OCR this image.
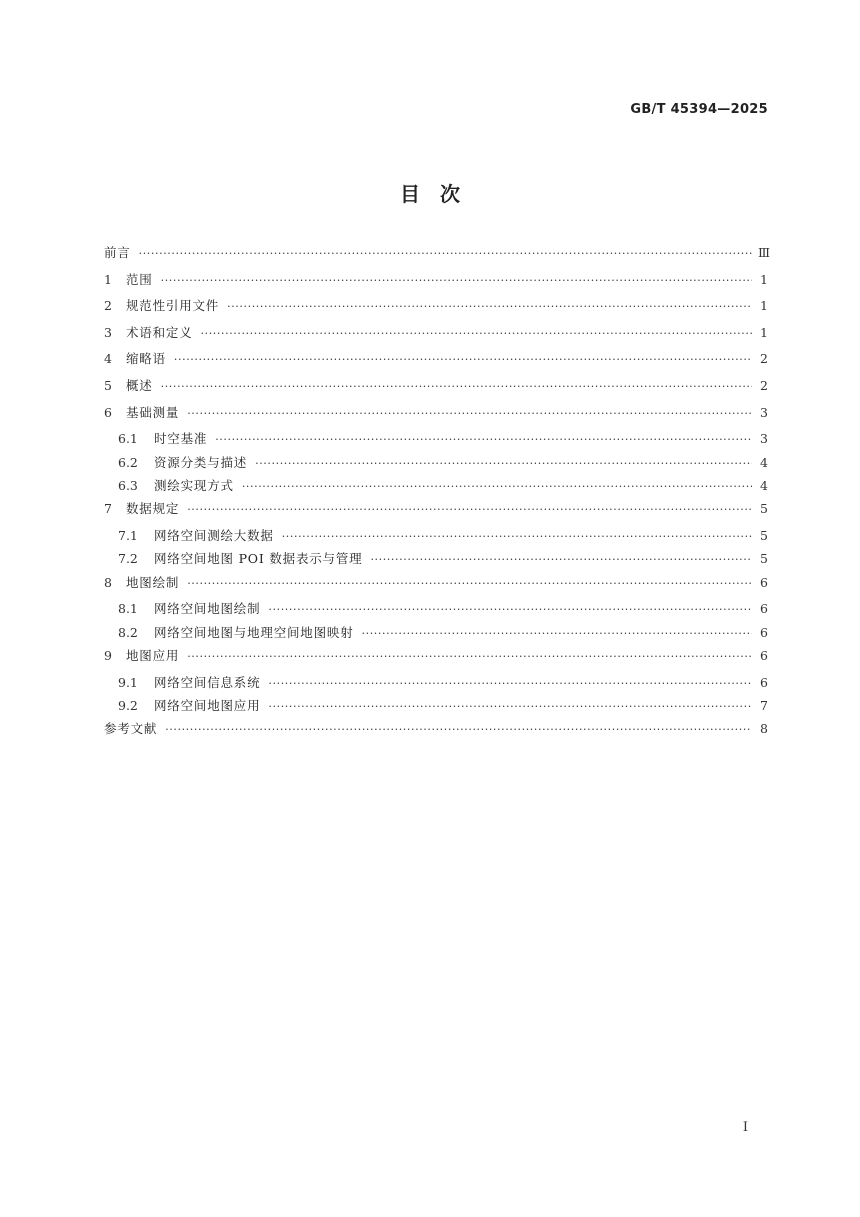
GB/T 45394—2025
目　次
前言 ·····	Ⅲ
1	范围 ·····	1
2	规范性引用文件 ·····	1
3	术语和定义 ·····	1
4	缩略语 ·····	2
5	概述 ·····	2
6	基础测量 ·····	3
6.1	时空基准 ·····	3
6.2	资源分类与描述 ·····	4
6.3	测绘实现方式 ·····	4
7	数据规定 ·····	5
7.1	网络空间测绘大数据 ·····	5
7.2	网络空间地图 POI 数据表示与管理 ·····	5
8	地图绘制 ·····	6
8.1	网络空间地图绘制 ·····	6
8.2	网络空间地图与地理空间地图映射 ·····	6
9	地图应用 ·····	6
9.1	网络空间信息系统 ·····	6
9.2	网络空间地图应用 ·····	7
参考文献 ·····	8
Ⅰ
